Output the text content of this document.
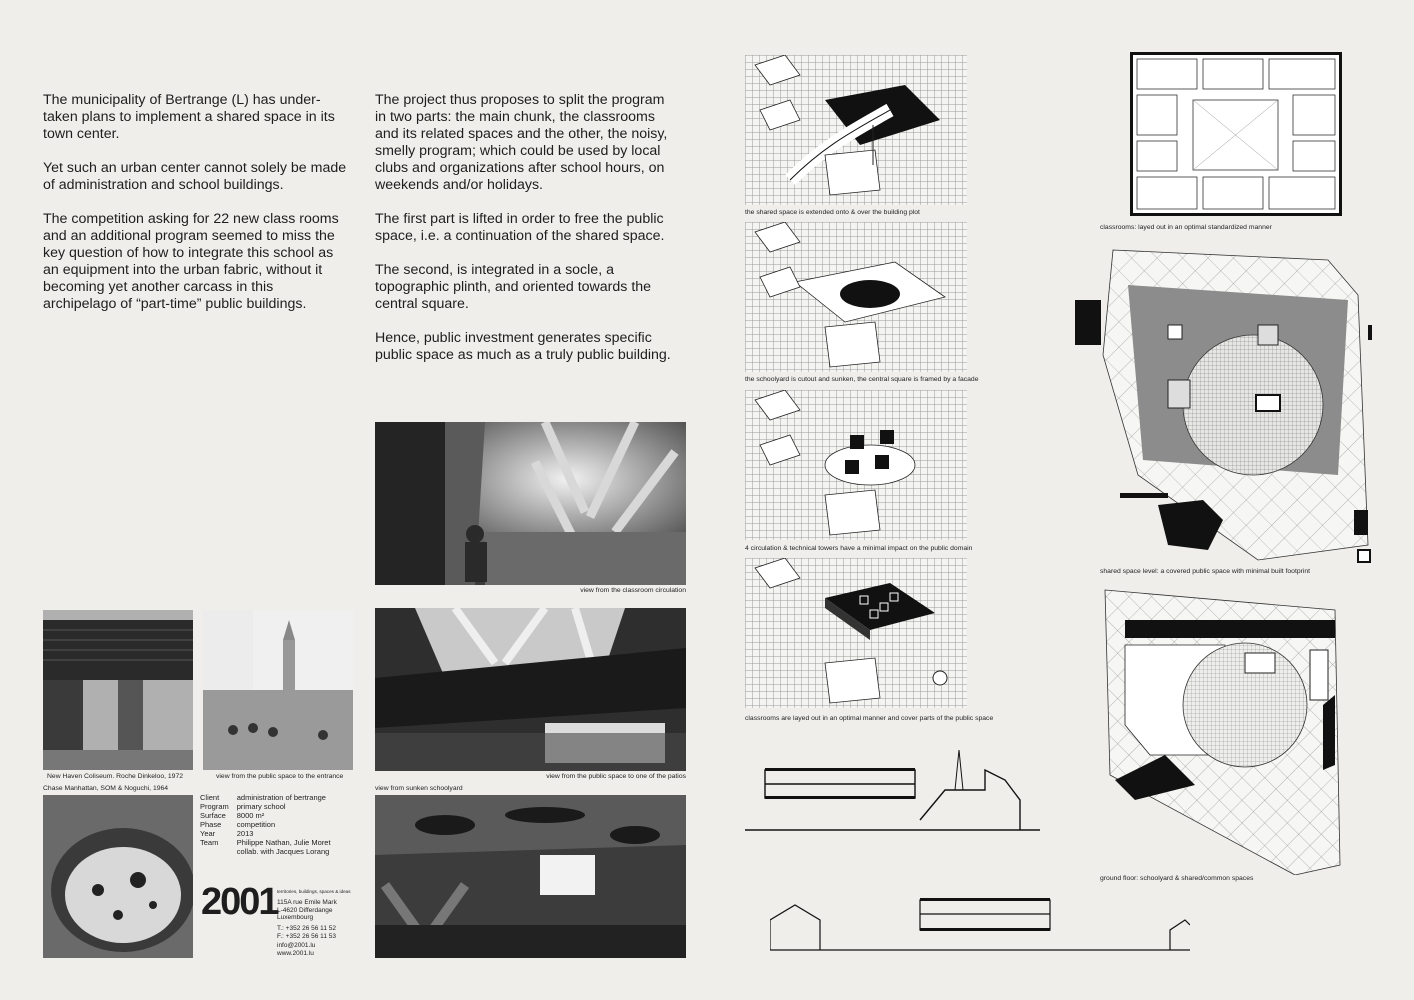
The municipality of Bertrange (L) has under-
taken plans to implement a shared space in its
town center.

Yet such an urban center cannot solely be made
of administration and school buildings.

The competition asking for 22 new class rooms
and an additional program seemed to miss the
key question of how to integrate this school as
an equipment into the urban fabric, without it
becoming yet another carcass in this
archipelago of “part-time” public buildings.

The project thus proposes to split the program
in two parts: the main chunk, the classrooms
and its related spaces and the other, the noisy,
smelly program; which could be used by local
clubs and organizations after school hours, on
weekends and/or holidays.

The first part is lifted in order to free the public
space, i.e. a continuation of the shared space.

The second, is integrated in a socle, a
topographic plinth, and oriented towards the
central square.

Hence, public investment generates specific
public space as much as a truly public building.

view from the classroom circulation
view from the public space to one of the patios
view from sunken schoolyard
New Haven Coliseum. Roche Dinkeloo, 1972	view from the public space to the entrance
Chase Manhattan, SOM & Noguchi, 1964
Client	administration of bertrange
Program	primary school
Surface	8000 m²
Phase	competition
Year	2013
Team	Philippe Nathan, Julie Moret
collab. with Jacques Lorang
2001 territories, buildings, spaces & ideas
115A rue Emile Mark
L-4620 Differdange
Luxembourg
T.: +352 26 56 11 52
F.: +352 26 56 11 53
info@2001.lu
www.2001.lu
the shared space is extended onto & over the building plot
the schoolyard is cutout and sunken, the central square is framed by a facade
4 circulation & technical towers have a minimal impact on the public domain
classrooms are layed out in an optimal manner and cover parts of the public space
classrooms: layed out in an optimal standardized manner
shared space level: a covered public space with minimal built footprint
ground floor: schoolyard & shared/common spaces
